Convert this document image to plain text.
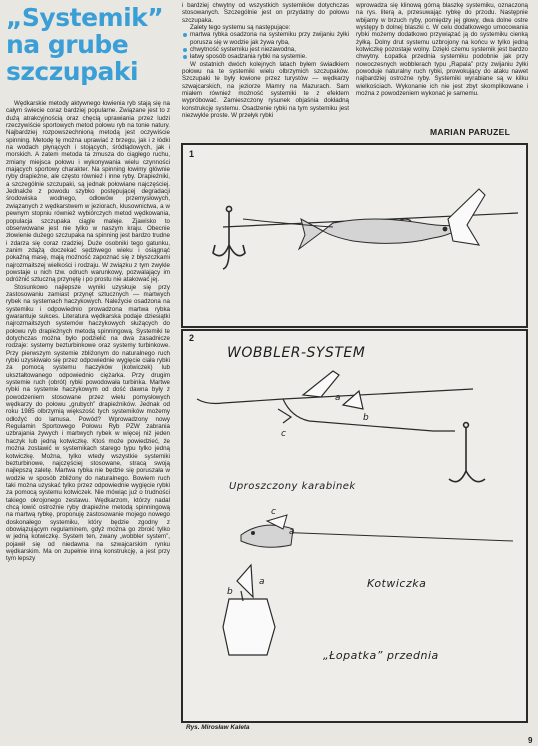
„Systemik”
na grube
szczupaki

Wędkarskie metody aktywnego łowienia ryb stają się na całym świecie coraz bardziej popularne. Związane jest to z dużą atrakcyjnością oraz chęcią uprawiania przez ludzi rzeczywiście sportowych metod połowu ryb na tonie natury. Najbardziej rozpowszechnioną metodą jest oczywiście spinning. Metodę tę można uprawiać z brzegu, jak i z łódki na wodach płynących i stojących, śródlądowych, jak i morskich. A zatem metoda ta zmusza do ciągłego ruchu, zmiany miejsca połowu i wykonywania wielu czynności mających sportowy charakter. Na spinning łowimy głównie ryby drapieżne, ale często również i inne ryby. Drapieżniki, a szczególnie szczupaki, są jednak połowiane najczęściej. Jednakże z powodu szybko postępującej degradacji środowiska wodnego, odłowów przemysłowych, związanych z wędkarstwem w jeziorach, kłusownictwa, a w pewnym stopniu również wybiórczych metod wędkowania, populacja szczupaka ciągle maleje. Zjawisko to obserwowane jest nie tylko w naszym kraju. Obecnie złowienie dużego szczupaka na spinning jest bardzo trudne i zdarza się coraz rzadziej. Duże osobniki tego gatunku, zanim zdążą doczekać sędziwego wieku i osiągnąć pokaźną masę, mają możność zapoznać się z błyszczkami najrozmaitszej wielkości i rodzaju. W związku z tym zwykle powstaje u nich tzw. odruch warunkowy, pozwalający im odróżnić sztuczną przynętę i po prostu nie atakować jej.

Stosunkowo najlepsze wyniki uzyskuje się przy zastosowaniu zamiast przynęt sztucznych — martwych rybek na systemach haczykowych. Należycie osadzona na systemiku i odpowiednio prowadzona martwa rybka gwarantuje sukces. Literatura wędkarska podaje dziesiątki najrozmaitszych systemów haczykowych służących do połowu ryb drapieżnych metodą spinningową. Systemiki te dotychczas można było podzielić na dwa zasadnicze rodzaje: systemy bezturbinkowe oraz systemy turbinkowe. Przy pierwszym systemie zbliżonym do naturalnego ruch rybki uzyskiwało się przez odpowiednie wygięcie ciała rybki za pomocą systemu haczyków (kotwiczek) lub ukształtowanego odpowiednio ciężarka. Przy drugim systemie ruch (obrót) rybki powodowała turbinka. Martwe rybki na systemie haczykowym od dość dawna były z powodzeniem stosowane przez wielu pomysłowych wędkarzy do połowu „grubych” drapieżników. Jednak od roku 1985 olbrzymią większość tych systemików możemy odłożyć do lamusa. Powód? Wprowadzony nowy Regulamin Sportowego Połowu Ryb PZW zabrania uzbrajania żywych i martwych rybek w więcej niż jeden haczyk lub jedną kotwiczkę. Ktoś może powiedzieć, że można zostawić w systemikach starego typu tylko jedną kotwiczkę. Można, tylko wtedy wszystkie systemiki bezturbinowe, najczęściej stosowane, stracą swoją najlepszą zaletę. Martwa rybka nie będzie się poruszała w wodzie w sposób zbliżony do naturalnego. Bowiem ruch taki można uzyskać tylko przez odpowiednie wygięcie rybki za pomocą systemu kotwiczek. Nie mówiąc już o trudności takiego okrojonego zestawu. Wędkarzom, którzy nadal chcą łowić ostrożnie ryby drapieżne metodą spinningową na martwą rybkę, proponuję zastosowanie mojego nowego doskonałego systemiku, który będzie zgodny z obowiązującym regulaminem, gdyż można go zbroić tylko w jedną kotwiczkę. System ten, zwany „wobbler system”, pojawił się od niedawna na szwajcarskim rynku wędkarskim. Ma on zupełnie inną konstrukcję, a jest przy tym lepszy

i bardziej chwytny od wszystkich systemików dotychczas stosowanych. Szczególnie jest on przydatny do połowu szczupaka.

Zalety tego systemu są następujące:

martwa rybka osadzona na systemiku przy zwijaniu żyłki porusza się w wodzie jak żywa ryba,
chwytność systemiku jest niezawodna,
łatwy sposób osadzania rybki na systemie.

W ostatnich dwóch kolejnych latach byłem świadkiem połowu na te systemiki wielu olbrzymich szczupaków. Szczupaki te były łowione przez turystów — wędkarzy szwajcarskich, na jeziorze Mamry na Mazurach. Sam miałem również możność systemiki te z efektem wypróbować. Zamieszczony rysunek objaśnia dokładną konstrukcję systemu. Osadzenie rybki na tym systemiku jest niezwykle proste. W przełyk rybki

wprowadza się klinową górną blaszkę systemiku, oznaczoną na rys. literą a, przesuwając rybkę do przodu. Następnie wbijamy w brzuch ryby, pomiędzy jej głowy, dwa dolne ostre występy b dolnej blaszki c. W celu dodatkowego umocowania rybki możemy dodatkowo przywiązać ją do systemiku cienką żyłką. Dolny drut systemu uzbrojony na końcu w tylko jedną kotwiczkę pozostaje wolny. Dzięki czemu systemik jest bardzo chwytny. Łopatka przednia systemiku podobnie jak przy nowoczesnych wobblerach typu „Rapala” przy zwijaniu żyłki powoduje naturalny ruch rybki, prowokujący do ataku nawet najbardziej ostrożne ryby. Systemiki wyrabiane są w kilku wielkościach. Wykonanie ich nie jest zbyt skomplikowane i można z powodzeniem wykonać je samemu.

MARIAN PARUZEL
1
2
WOBBLER-SYSTEM
a
b
c
Uproszczony karabinek
c
a
Kotwiczka
a
b
„Łopatka” przednia
Rys. Mirosław Kaleta
9
